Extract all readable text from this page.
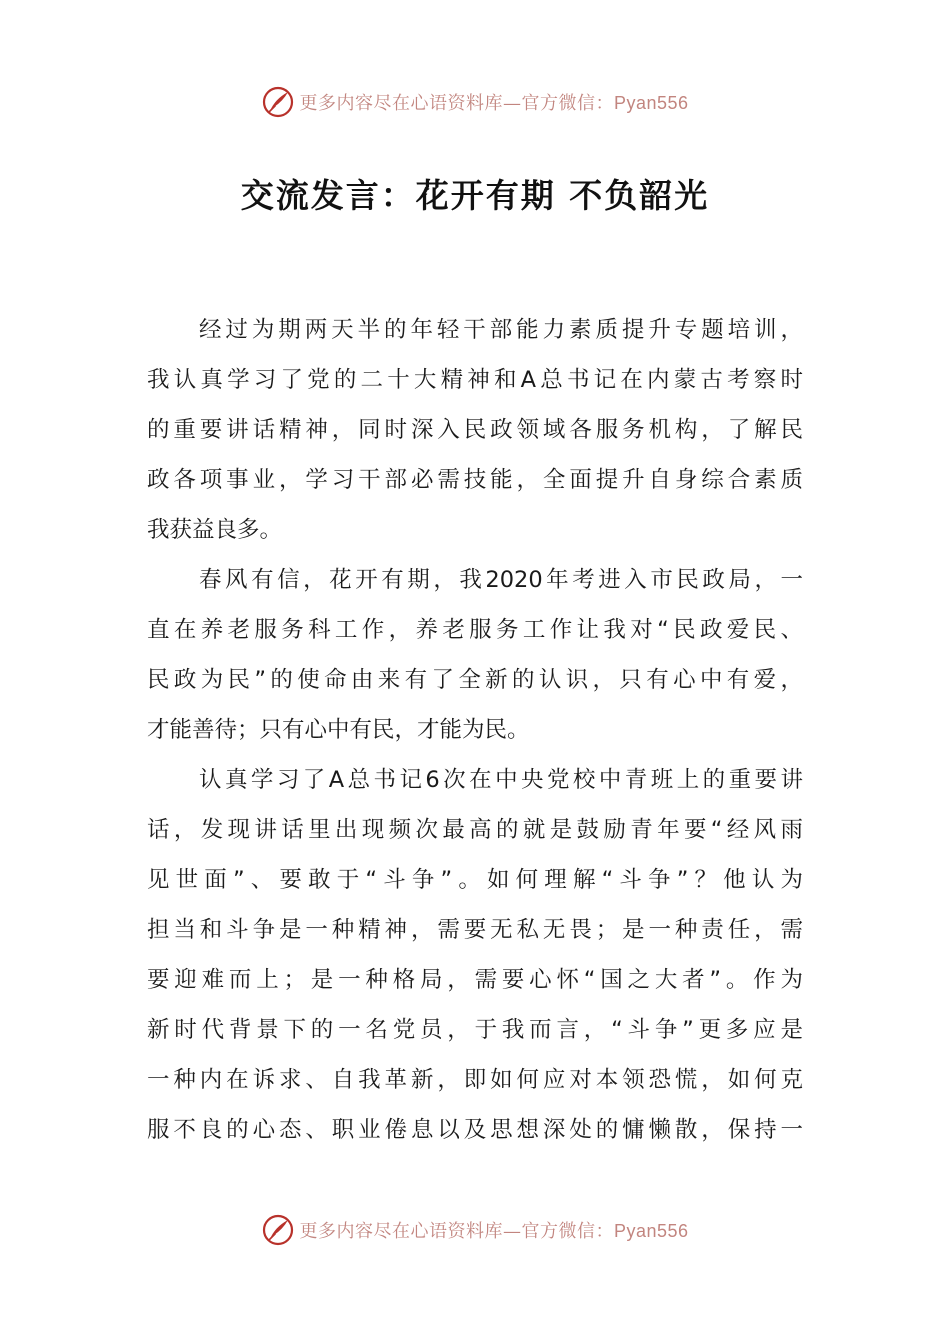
更多内容尽在心语资料库—官方微信：Pyan556
交流发言：花开有期 不负韶光
经过为期两天半的年轻干部能力素质提升专题培训，
我认真学习了党的二十大精神和A总书记在内蒙古考察时
的重要讲话精神，同时深入民政领域各服务机构，了解民
政各项事业，学习干部必需技能，全面提升自身综合素质
我获益良多。
春风有信，花开有期，我2020年考进入市民政局，一
直在养老服务科工作，养老服务工作让我对“民政爱民、
民政为民”的使命由来有了全新的认识，只有心中有爱，
才能善待；只有心中有民，才能为民。
认真学习了A总书记6次在中央党校中青班上的重要讲
话，发现讲话里出现频次最高的就是鼓励青年要“经风雨
见世面”、要敢于“斗争”。如何理解“斗争”？他认为
担当和斗争是一种精神，需要无私无畏；是一种责任，需
要迎难而上；是一种格局，需要心怀“国之大者”。作为
新时代背景下的一名党员，于我而言，“斗争”更多应是
一种内在诉求、自我革新，即如何应对本领恐慌，如何克
服不良的心态、职业倦息以及思想深处的慵懒散，保持一
更多内容尽在心语资料库—官方微信：Pyan556
